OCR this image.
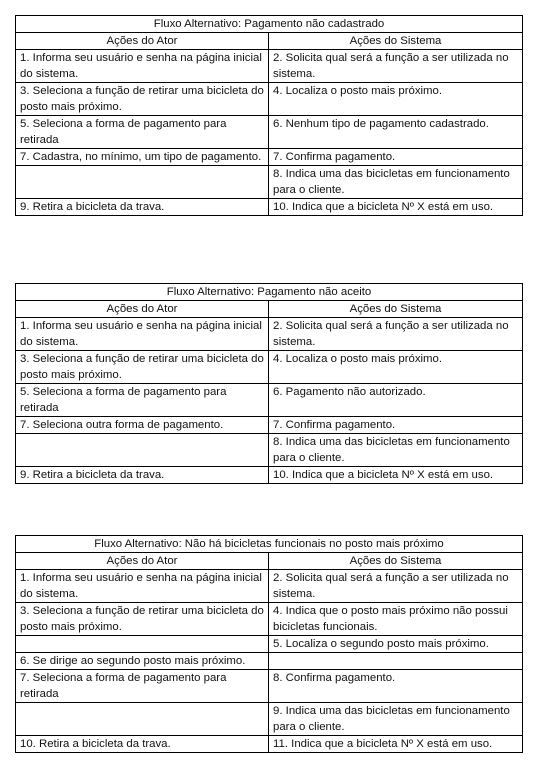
Fluxo Alternativo: Pagamento não cadastrado	
Ações do Ator	Ações do Sistema
1. Informa seu usuário e senha na página inicial do sistema.	2. Solicita qual será a função a ser utilizada no sistema.
3. Seleciona a função de retirar uma bicicleta do posto mais próximo.	4. Localiza o posto mais próximo.
5. Seleciona a forma de pagamento para retirada	6. Nenhum tipo de pagamento cadastrado.
7. Cadastra, no mínimo, um tipo de pagamento.	7. Confirma pagamento.
	8. Indica uma das bicicletas em funcionamento para o cliente.
9. Retira a bicicleta da trava.	10. Indica que a bicicleta Nº X está em uso.
Fluxo Alternativo: Pagamento não aceito	
Ações do Ator	Ações do Sistema
1. Informa seu usuário e senha na página inicial do sistema.	2. Solicita qual será a função a ser utilizada no sistema.
3. Seleciona a função de retirar uma bicicleta do posto mais próximo.	4. Localiza o posto mais próximo.
5. Seleciona a forma de pagamento para retirada	6. Pagamento não autorizado.
7. Seleciona outra forma de pagamento.	7. Confirma pagamento.
	8. Indica uma das bicicletas em funcionamento para o cliente.
9. Retira a bicicleta da trava.	10. Indica que a bicicleta Nº X está em uso.
Fluxo Alternativo: Não há bicicletas funcionais no posto mais próximo	
Ações do Ator	Ações do Sistema
1. Informa seu usuário e senha na página inicial do sistema.	2. Solicita qual será a função a ser utilizada no sistema.
3. Seleciona a função de retirar uma bicicleta do posto mais próximo.	4. Indica que o posto mais próximo não possui bicicletas funcionais.
	5. Localiza o segundo posto mais próximo.
6. Se dirige ao segundo posto mais próximo.	
7. Seleciona a forma de pagamento para retirada	8. Confirma pagamento.
	9. Indica uma das bicicletas em funcionamento para o cliente.
10. Retira a bicicleta da trava.	11. Indica que a bicicleta Nº X está em uso.
